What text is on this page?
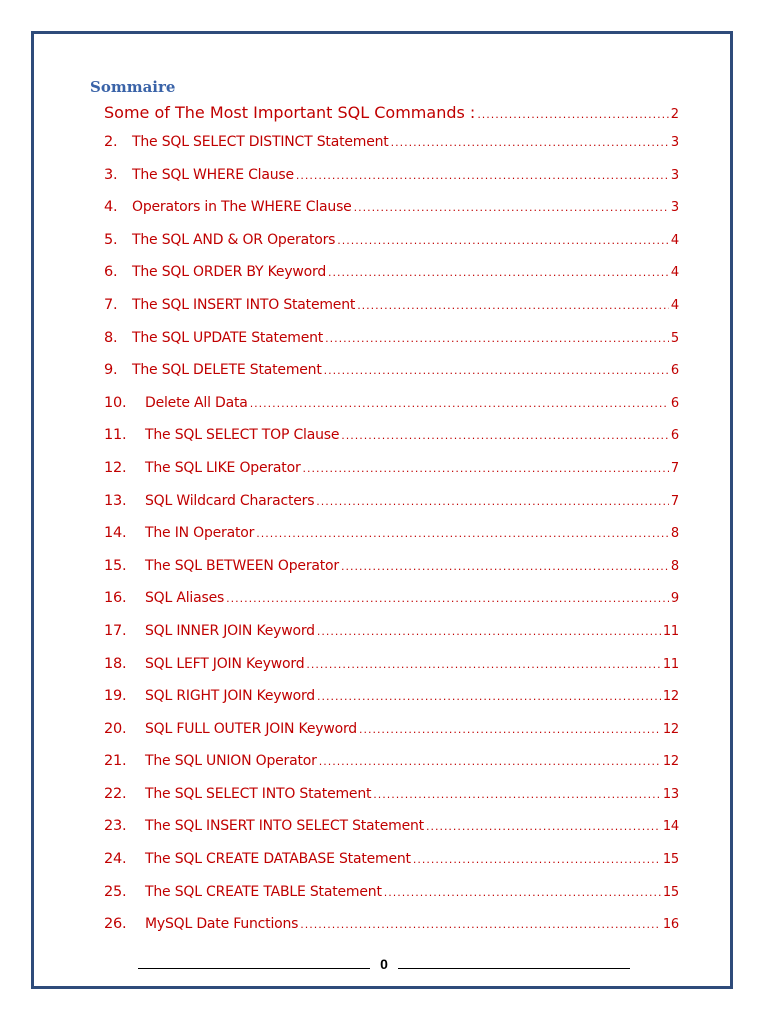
Sommaire
Some of The Most Important SQL Commands : .....	2
2.	The SQL SELECT DISTINCT Statement .....	3
3.	The SQL WHERE Clause .....	3
4.	Operators in The WHERE Clause .....	3
5.	The SQL AND & OR Operators .....	4
6.	The SQL ORDER BY Keyword .....	4
7.	The SQL INSERT INTO Statement .....	4
8.	The SQL UPDATE Statement .....	5
9.	The SQL DELETE Statement .....	6
10.	Delete All Data .....	6
11.	The SQL SELECT TOP Clause .....	6
12.	The SQL LIKE Operator .....	7
13.	SQL Wildcard Characters .....	7
14.	The IN Operator .....	8
15.	The SQL BETWEEN Operator .....	8
16.	SQL Aliases .....	9
17.	SQL INNER JOIN Keyword .....	11
18.	SQL LEFT JOIN Keyword .....	11
19.	SQL RIGHT JOIN Keyword .....	12
20.	SQL FULL OUTER JOIN Keyword .....	12
21.	The SQL UNION Operator .....	12
22.	The SQL SELECT INTO Statement .....	13
23.	The SQL INSERT INTO SELECT Statement .....	14
24.	The SQL CREATE DATABASE Statement .....	15
25.	The SQL CREATE TABLE Statement .....	15
26.	MySQL Date Functions .....	16
0
